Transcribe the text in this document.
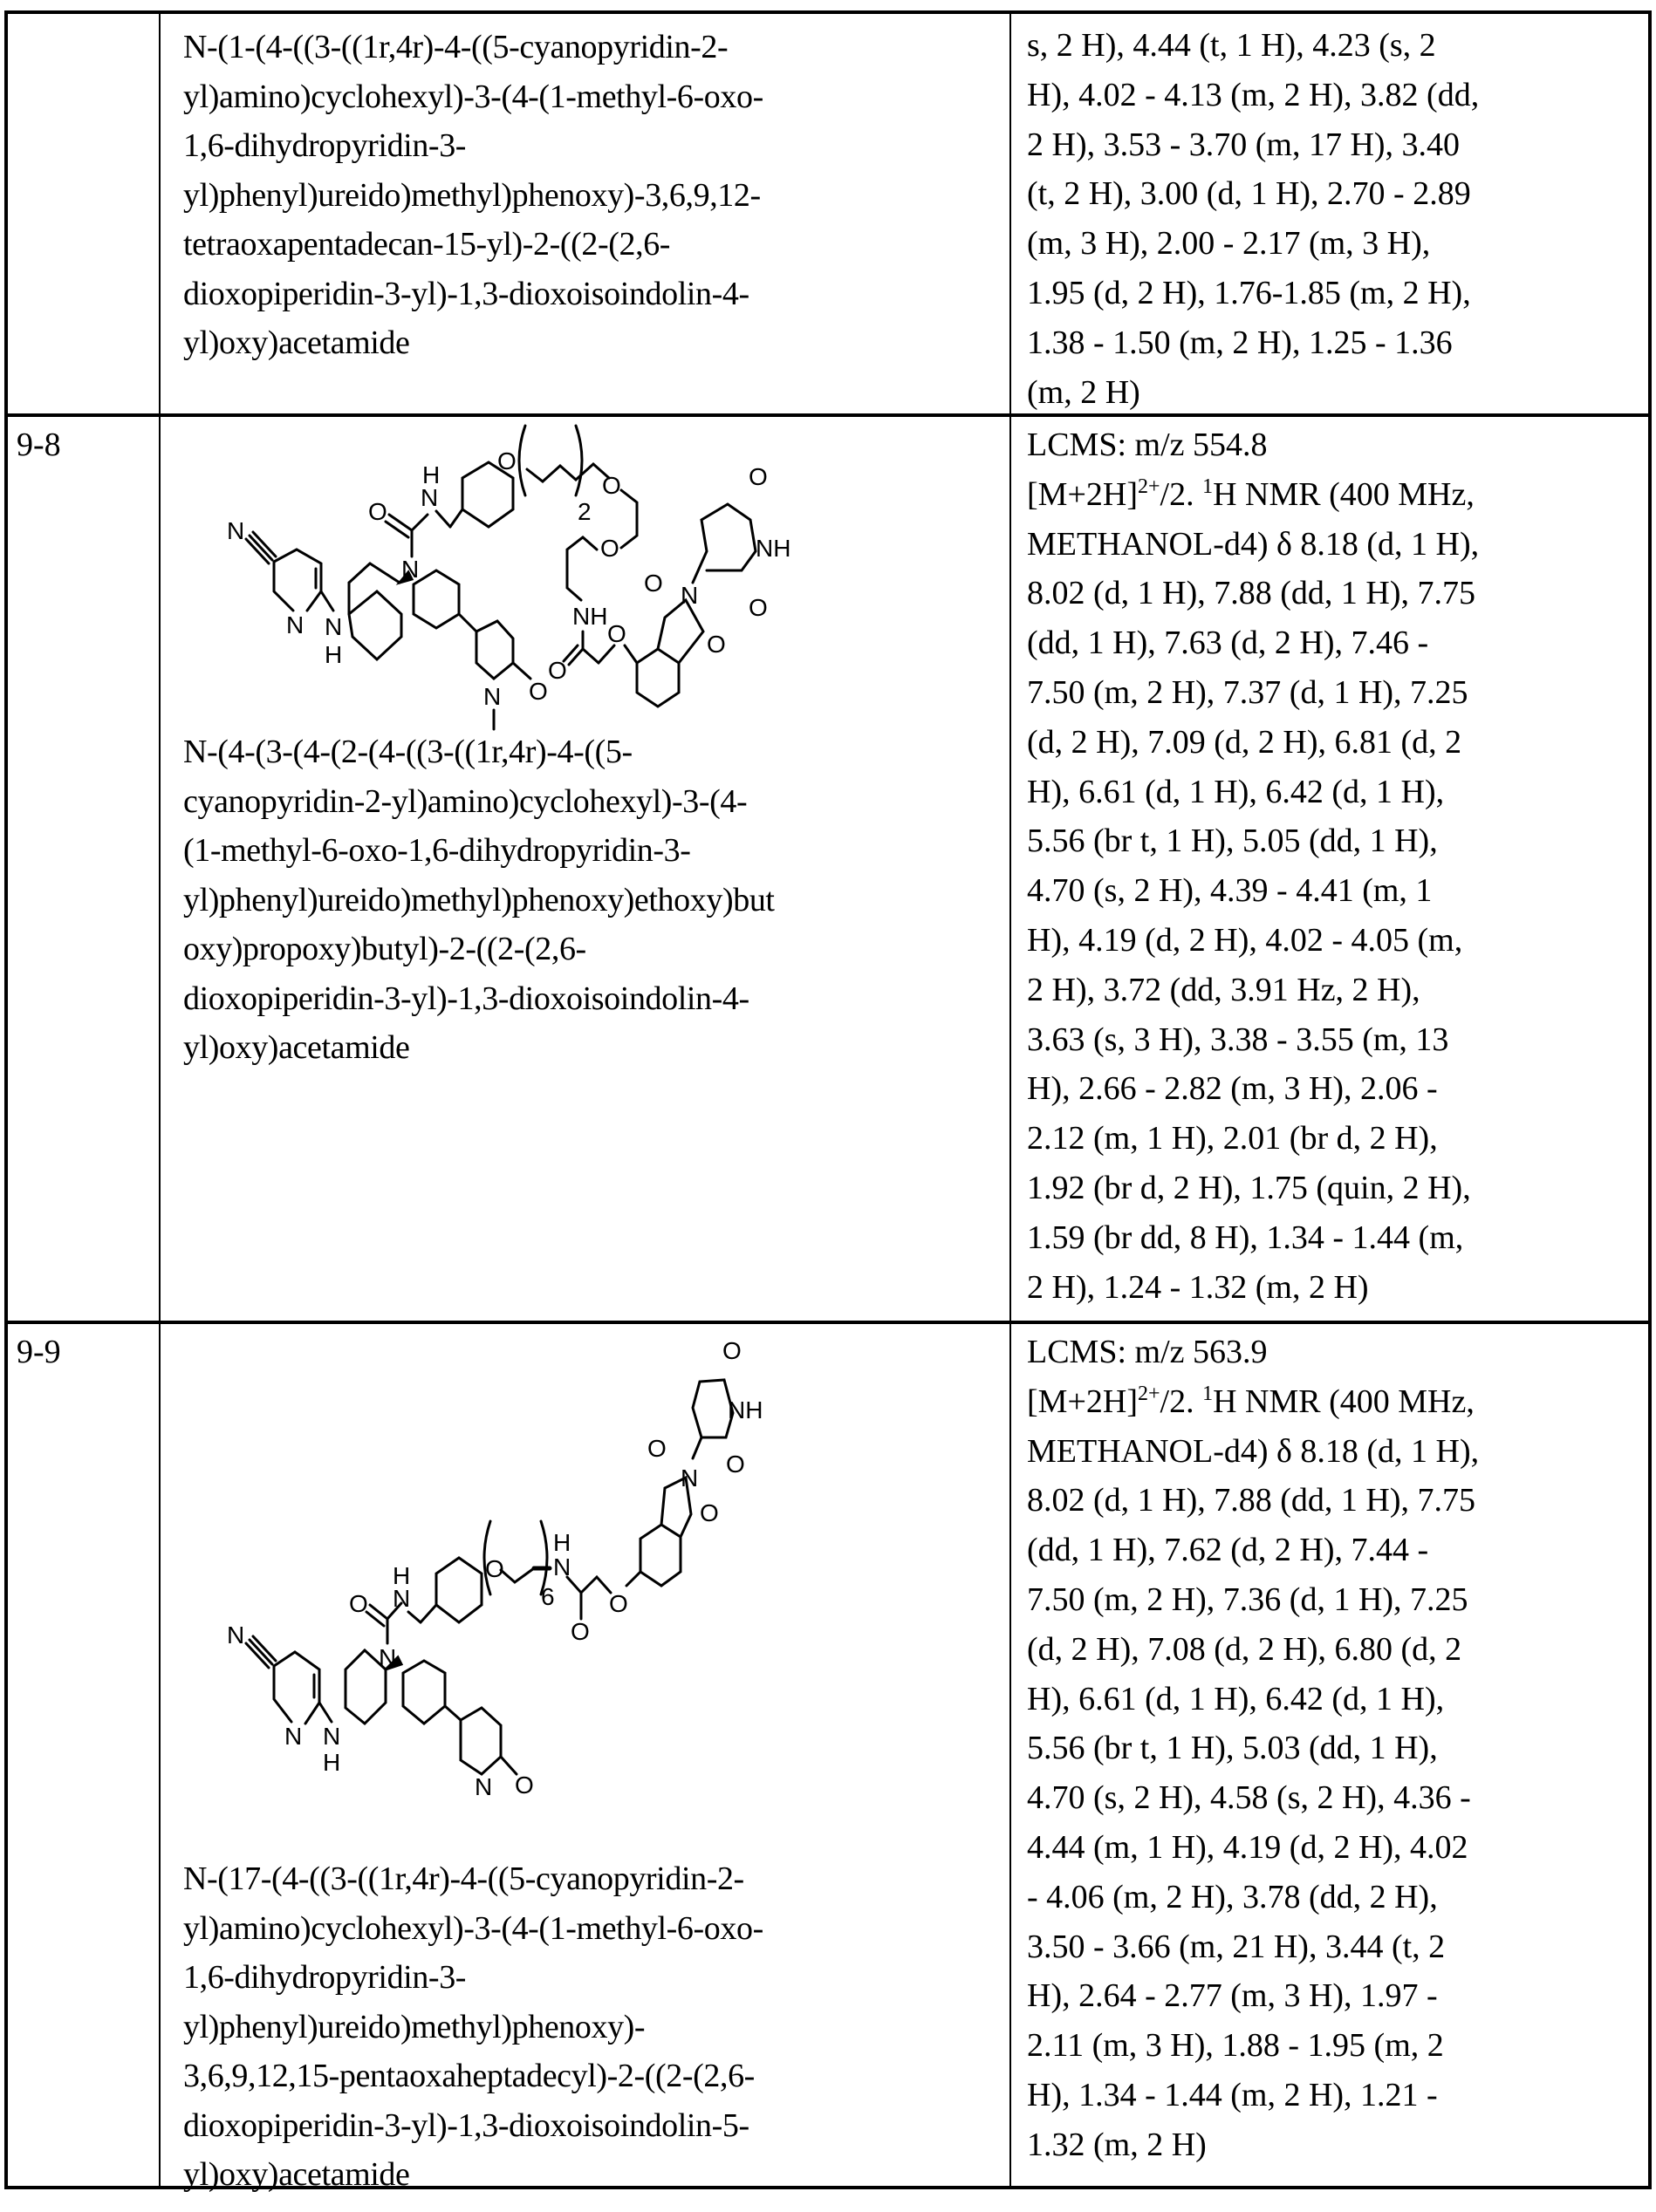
N-(1-(4-((3-((1r,4r)-4-((5-cyanopyridin-2-
yl)amino)cyclohexyl)-3-(4-(1-methyl-6-oxo-
1,6-dihydropyridin-3-
yl)phenyl)ureido)methyl)phenoxy)-3,6,9,12-
tetraoxapentadecan-15-yl)-2-((2-(2,6-
dioxopiperidin-3-yl)-1,3-dioxoisoindolin-4-
yl)oxy)acetamide
s, 2 H), 4.44 (t, 1 H), 4.23 (s, 2
H), 4.02 - 4.13 (m, 2 H), 3.82 (dd,
2 H), 3.53 - 3.70 (m, 17 H), 3.40
(t, 2 H), 3.00 (d, 1 H), 2.70 - 2.89
(m, 3 H), 2.00 - 2.17 (m, 3 H),
1.95 (d, 2 H), 1.76-1.85 (m, 2 H),
1.38 - 1.50 (m, 2 H), 1.25 - 1.36
(m, 2 H)
9-8
N
N N
H
N
O
N
H
O
2
O
O
NH
O
O
N O
N
O
O
O
NH
O
N-(4-(3-(4-(2-(4-((3-((1r,4r)-4-((5-
cyanopyridin-2-yl)amino)cyclohexyl)-3-(4-
(1-methyl-6-oxo-1,6-dihydropyridin-3-
yl)phenyl)ureido)methyl)phenoxy)ethoxy)but
oxy)propoxy)butyl)-2-((2-(2,6-
dioxopiperidin-3-yl)-1,3-dioxoisoindolin-4-
yl)oxy)acetamide
LCMS: m/z 554.8
$[M+2H]^{2+}/2$. $^1$H NMR (400 MHz,
METHANOL-d4) δ 8.18 (d, 1 H),
8.02 (d, 1 H), 7.88 (dd, 1 H), 7.75
(dd, 1 H), 7.63 (d, 2 H), 7.46 -
7.50 (m, 2 H), 7.37 (d, 1 H), 7.25
(d, 2 H), 7.09 (d, 2 H), 6.81 (d, 2
H), 6.61 (d, 1 H), 6.42 (d, 1 H),
5.56 (br t, 1 H), 5.05 (dd, 1 H),
4.70 (s, 2 H), 4.39 - 4.41 (m, 1
H), 4.19 (d, 2 H), 4.02 - 4.05 (m,
2 H), 3.72 (dd, 3.91 Hz, 2 H),
3.63 (s, 3 H), 3.38 - 3.55 (m, 13
H), 2.66 - 2.82 (m, 3 H), 2.06 -
2.12 (m, 1 H), 2.01 (br d, 2 H),
1.92 (br d, 2 H), 1.75 (quin, 2 H),
1.59 (br dd, 8 H), 1.34 - 1.44 (m,
2 H), 1.24 - 1.32 (m, 2 H)
9-9
N
N N
H
N
O N
H	O
6
N
H
O
O
N
O
O
O
NH
O
N O
N-(17-(4-((3-((1r,4r)-4-((5-cyanopyridin-2-
yl)amino)cyclohexyl)-3-(4-(1-methyl-6-oxo-
1,6-dihydropyridin-3-
yl)phenyl)ureido)methyl)phenoxy)-
3,6,9,12,15-pentaoxaheptadecyl)-2-((2-(2,6-
dioxopiperidin-3-yl)-1,3-dioxoisoindolin-5-
yl)oxy)acetamide
LCMS: m/z 563.9
$[M+2H]^{2+}/2$. $^1$H NMR (400 MHz,
METHANOL-d4) δ 8.18 (d, 1 H),
8.02 (d, 1 H), 7.88 (dd, 1 H), 7.75
(dd, 1 H), 7.62 (d, 2 H), 7.44 -
7.50 (m, 2 H), 7.36 (d, 1 H), 7.25
(d, 2 H), 7.08 (d, 2 H), 6.80 (d, 2
H), 6.61 (d, 1 H), 6.42 (d, 1 H),
5.56 (br t, 1 H), 5.03 (dd, 1 H),
4.70 (s, 2 H), 4.58 (s, 2 H), 4.36 -
4.44 (m, 1 H), 4.19 (d, 2 H), 4.02
- 4.06 (m, 2 H), 3.78 (dd, 2 H),
3.50 - 3.66 (m, 21 H), 3.44 (t, 2
H), 2.64 - 2.77 (m, 3 H), 1.97 -
2.11 (m, 3 H), 1.88 - 1.95 (m, 2
H), 1.34 - 1.44 (m, 2 H), 1.21 -
1.32 (m, 2 H)
